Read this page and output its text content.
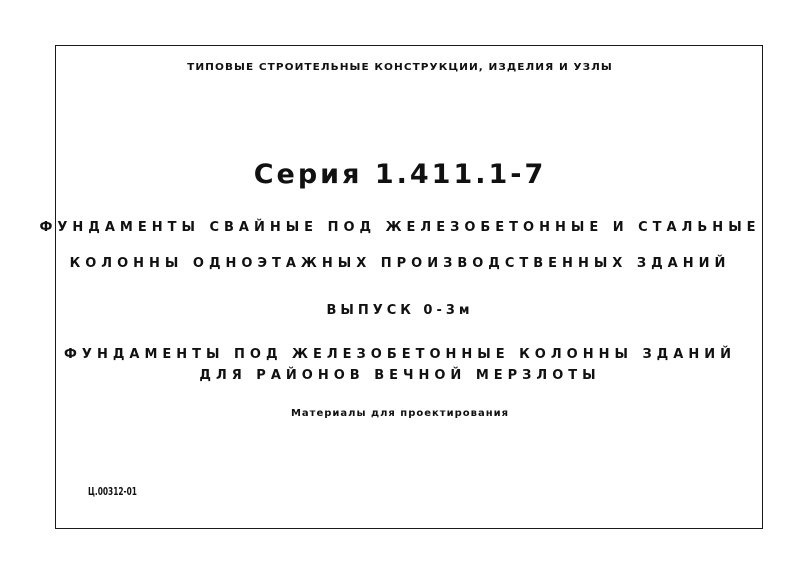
ТИПОВЫЕ СТРОИТЕЛЬНЫЕ КОНСТРУКЦИИ, ИЗДЕЛИЯ И УЗЛЫ
Серия 1.411.1-7
ФУНДАМЕНТЫ СВАЙНЫЕ ПОД ЖЕЛЕЗОБЕТОННЫЕ И СТАЛЬНЫЕ
КОЛОННЫ ОДНОЭТАЖНЫХ ПРОИЗВОДСТВЕННЫХ ЗДАНИЙ
ВЫПУСК 0-3м
ФУНДАМЕНТЫ ПОД ЖЕЛЕЗОБЕТОННЫЕ КОЛОННЫ ЗДАНИЙ
ДЛЯ РАЙОНОВ ВЕЧНОЙ МЕРЗЛОТЫ
Материалы для проектирования
Ц.00312-01
